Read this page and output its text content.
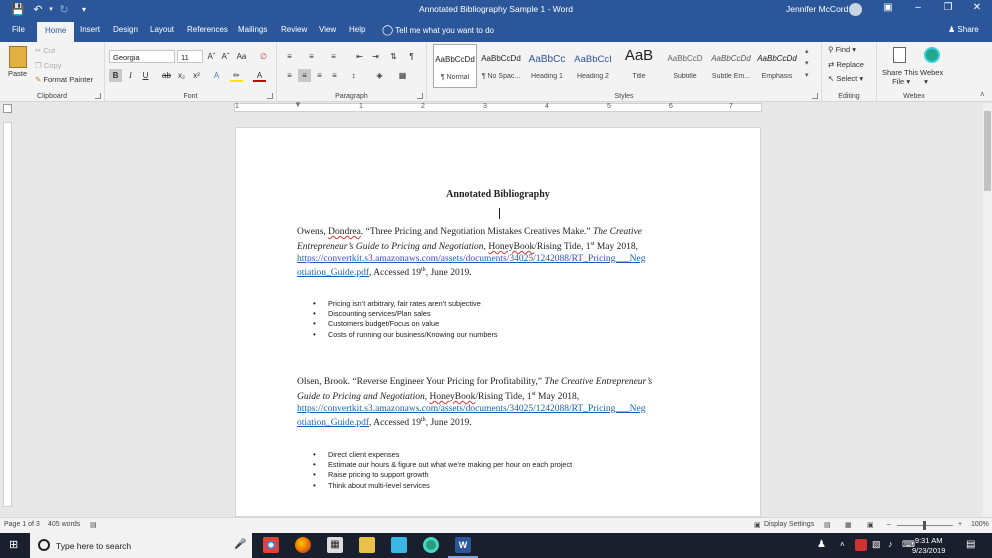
💾 ↶ ▾ ↻	▾	Annotated Bibliography Sample 1 - Word	Jennifer McCord	▣	–	❐	✕
File	Home	Insert Design Layout References Mailings Review View Help ◯ Tell me what you want to do	♟ Share
Paste
✂ Cut
❐ Copy
✎ Format Painter
Clipboard
Georgia	11	Aˆ Aˇ Aa	∅
B	I	U	ab x₂	x²	A	✏	A
Font
≡	≡	≡	⇤	⇥	⇅	¶
≡	≡	≡	≡	↕	◈	▦
Paragraph
AaBbCcDd
¶ Normal
AaBbCcDd
¶ No Spac...
AaBbCc
Heading 1
AaBbCcI
Heading 2
AaB
Title
AaBbCcD
Subtitle
AaBbCcDd
Subtle Em...
AaBbCcDd
Emphasis
▴
▾
▾
Styles
⚲ Find ▾
⇄ Replace
↖ Select ▾
Editing
Share This
File ▾
Webex
▾
Webex	˄
1	▼	1	2	3	4	5	6	7
Annotated Bibliography
Owens, Dondrea. “Three Pricing and Negotiation Mistakes Creatives Make.” The Creative
Entrepreneur’s Guide to Pricing and Negotiation, HoneyBook/Rising Tide, 1st May 2018,
https://convertkit.s3.amazonaws.com/assets/documents/34025/1242088/RT_Pricing___Neg
otiation_Guide.pdf, Accessed 19th, June 2019.
• Pricing isn’t arbitrary, fair rates aren’t subjective
• Discounting services/Plan sales
• Customers budget/Focus on value
• Costs of running our business/Knowing our numbers
Olsen, Brook. “Reverse Engineer Your Pricing for Profitability,” The Creative Entrepreneur’s
Guide to Pricing and Negotiation, HoneyBook/Rising Tide, 1st May 2018,
https://convertkit.s3.amazonaws.com/assets/documents/34025/1242088/RT_Pricing___Neg
otiation_Guide.pdf, Accessed 19th, June 2019.
• Direct client expenses
• Estimate our hours & figure out what we’re making per hour on each project
• Raise pricing to support growth
• Think about multi-level services
Page 1 of 3 405 words ▤	▣ Display Settings ▤ ▦ ▣ –	+ 100%
⊞	Type here to search	🎤	▦	W	♟ ˄	▧ ♪ ⌨ 9:31 AM
9/23/2019
▤
